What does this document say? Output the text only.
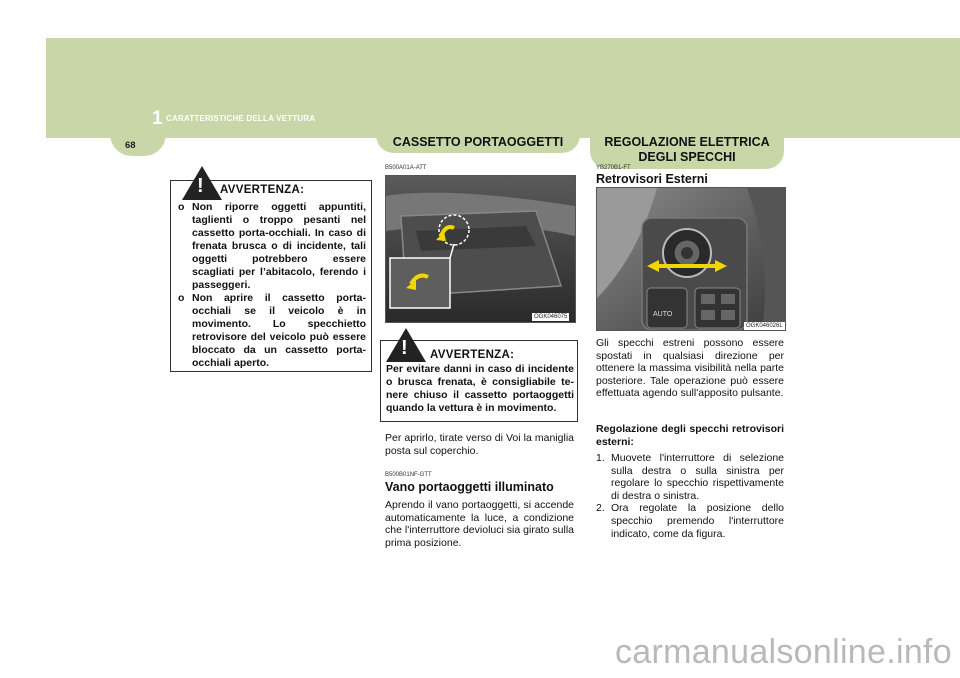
1 CARATTERISTICHE DELLA VETTURA
68	CASSETTO PORTAOGGETTI	REGOLAZIONE ELETTRICA
DEGLI SPECCHI
! AVVERTENZA:
o Non riporre oggetti appuntiti, taglienti o troppo pesanti nel cassetto porta-occhiali. In caso di frenata brusca o di incidente, tali oggetti potrebbero essere scagliati per l’abitacolo, ferendo i passeggeri.
o Non aprire il cassetto porta-occhiali se il veicolo è in movimento. Lo specchietto retrovisore del veicolo può essere bloccato da un cassetto porta-occhiali aperto.
B500A01A-ATT
OGK046075
! AVVERTENZA:
Per evitare danni in caso di incidente o brusca frenata, è consigliabile te-nere chiuso il cassetto portaoggetti quando la vettura è in movimento.
Per aprirlo, tirate verso di Voi la maniglia posta sul coperchio.
B500B01NF-GTT
Vano portaoggetti illuminato
Aprendo il vano portaoggetti, si accende automaticamente la luce, a condizione che l'interruttore devioluci sia girato sulla prima posizione.
YB270B1-FT
Retrovisori Esterni
AUTO
OGK046026L
Gli specchi estreni possono essere spostati in qualsiasi direzione per ottenere la massima visibilità nella parte posteriore. Tale operazione può essere effettuata agendo sull'apposito pulsante.
Regolazione degli specchi retrovisori esterni:
1. Muovete l'interruttore di selezione sulla destra o sulla sinistra per regolare lo specchio rispettivamente di destra o sinistra.
2. Ora regolate la posizione dello specchio premendo l'interruttore indicato, come da figura.
carmanualsonline.info
